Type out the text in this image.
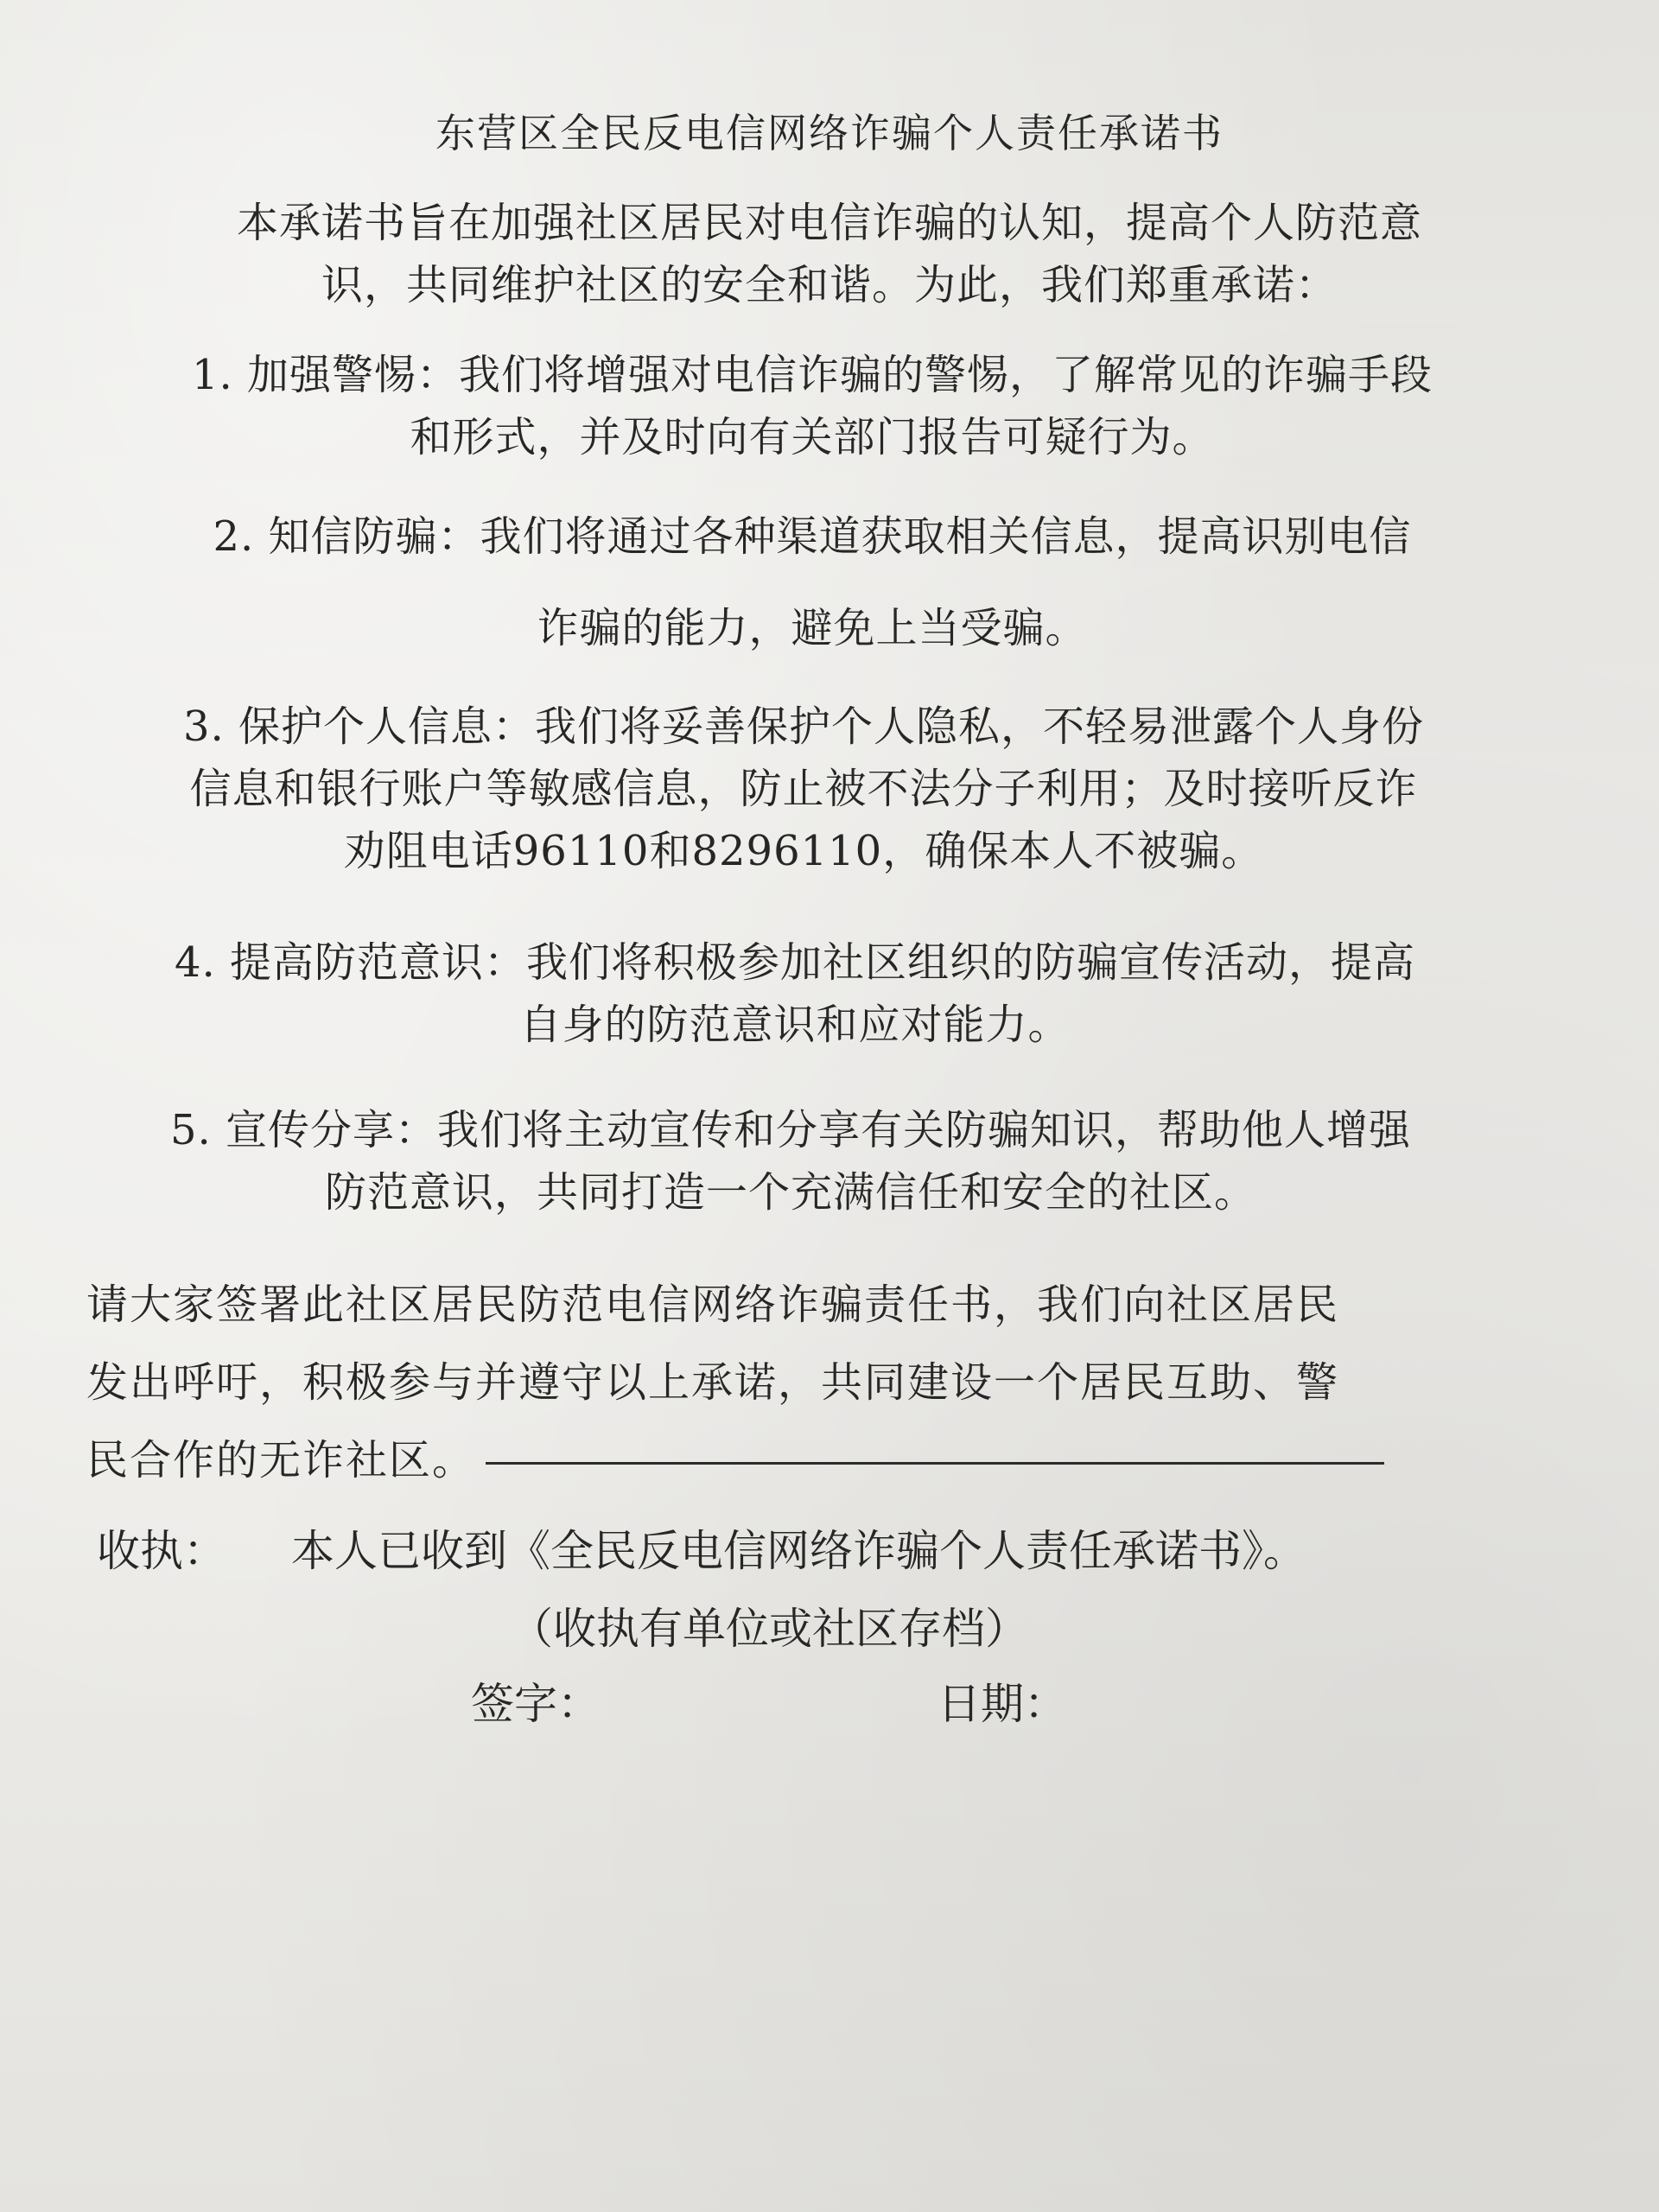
东营区全民反电信网络诈骗个人责任承诺书
本承诺书旨在加强社区居民对电信诈骗的认知，提高个人防范意
识，共同维护社区的安全和谐。为此，我们郑重承诺：
1. 加强警惕：我们将增强对电信诈骗的警惕，了解常见的诈骗手段
和形式，并及时向有关部门报告可疑行为。
2. 知信防骗：我们将通过各种渠道获取相关信息，提高识别电信
诈骗的能力，避免上当受骗。
3. 保护个人信息：我们将妥善保护个人隐私，不轻易泄露个人身份
信息和银行账户等敏感信息，防止被不法分子利用；及时接听反诈
劝阻电话96110和8296110，确保本人不被骗。
4. 提高防范意识：我们将积极参加社区组织的防骗宣传活动，提高
自身的防范意识和应对能力。
5. 宣传分享：我们将主动宣传和分享有关防骗知识，帮助他人增强
防范意识，共同打造一个充满信任和安全的社区。
请大家签署此社区居民防范电信网络诈骗责任书，我们向社区居民
发出呼吁，积极参与并遵守以上承诺，共同建设一个居民互助、警
民合作的无诈社区。
收执： 本人已收到《全民反电信网络诈骗个人责任承诺书》。
（收执有单位或社区存档）
签字：	日期：
